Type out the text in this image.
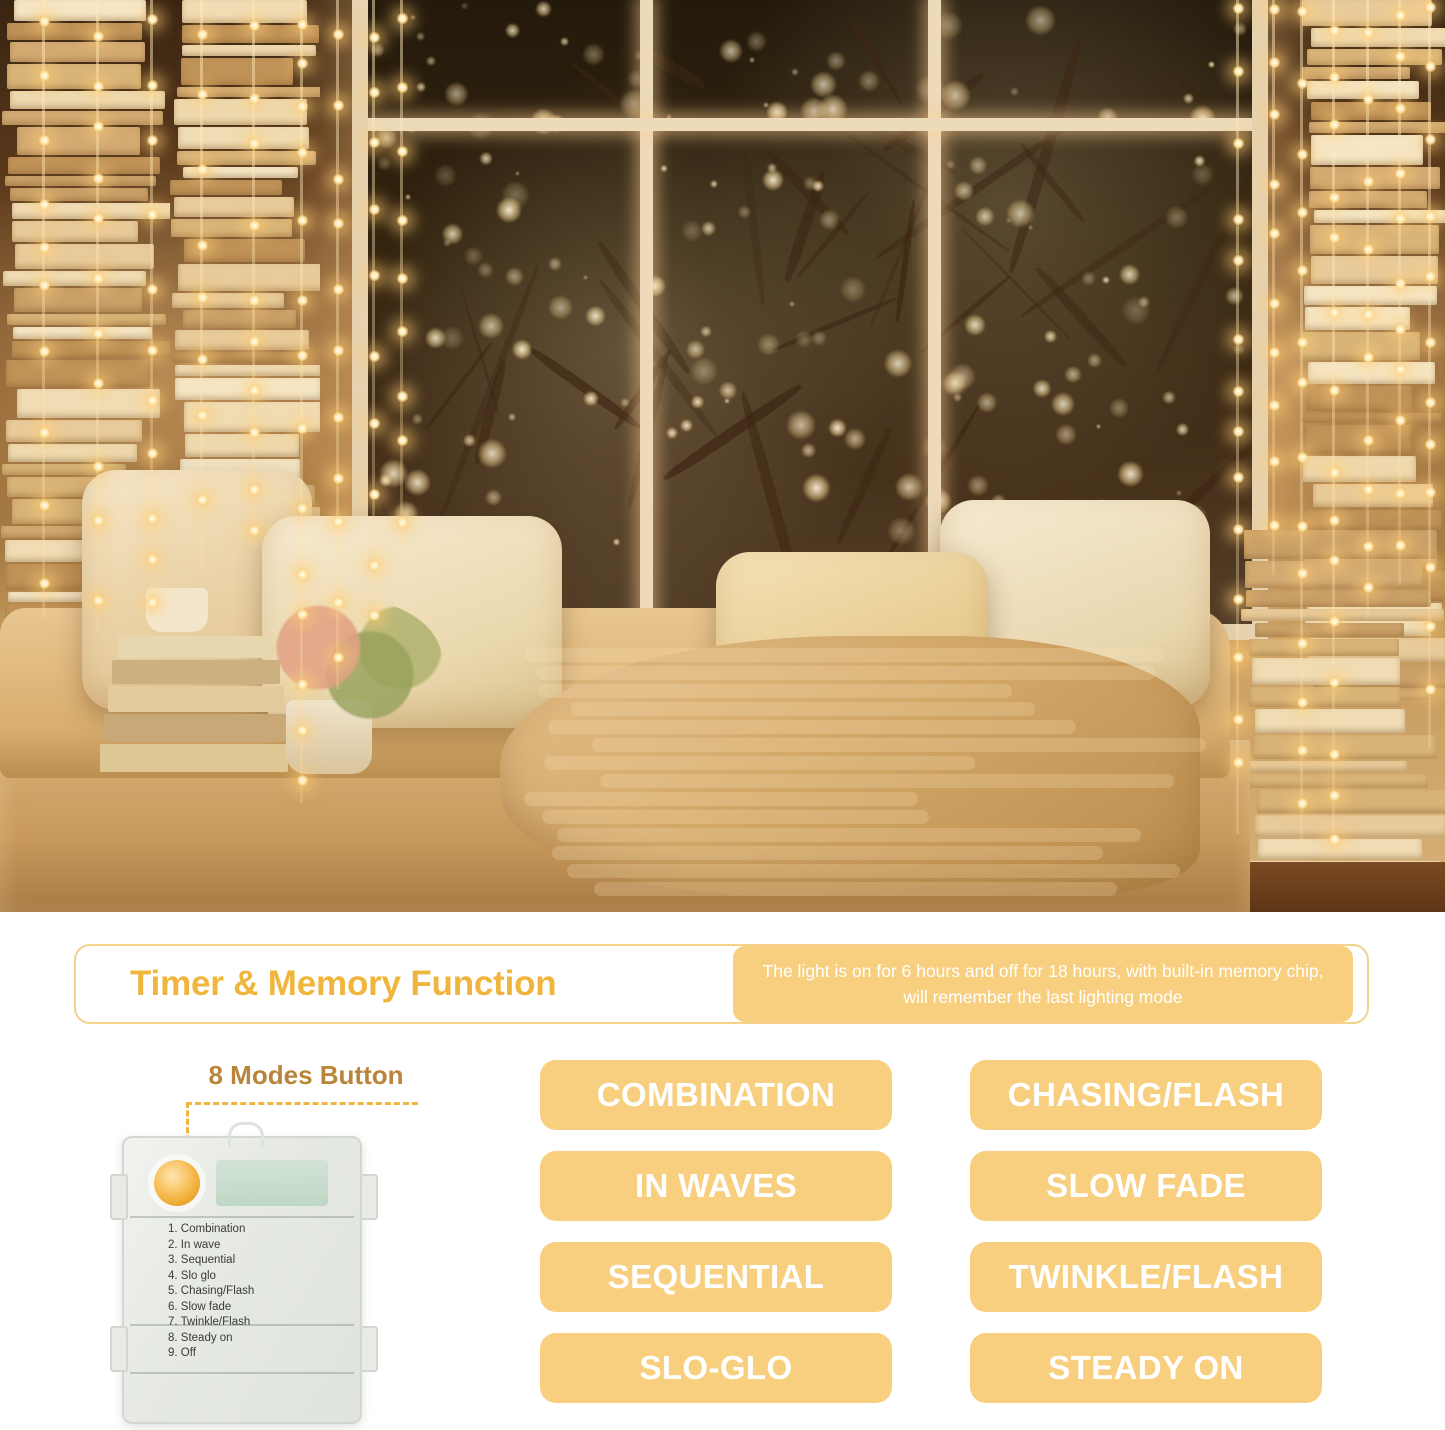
Timer & Memory Function	The light is on for 6 hours and off for 18 hours, with built-in memory chip, will remember the last lighting mode
8 Modes Button
1. Combination
2. In wave
3. Sequential
4. Slo glo
5. Chasing/Flash
6. Slow fade
7. Twinkle/Flash
8. Steady on
9. Off
COMBINATION	CHASING/FLASH
IN WAVES	SLOW FADE
SEQUENTIAL	TWINKLE/FLASH
SLO-GLO	STEADY ON
